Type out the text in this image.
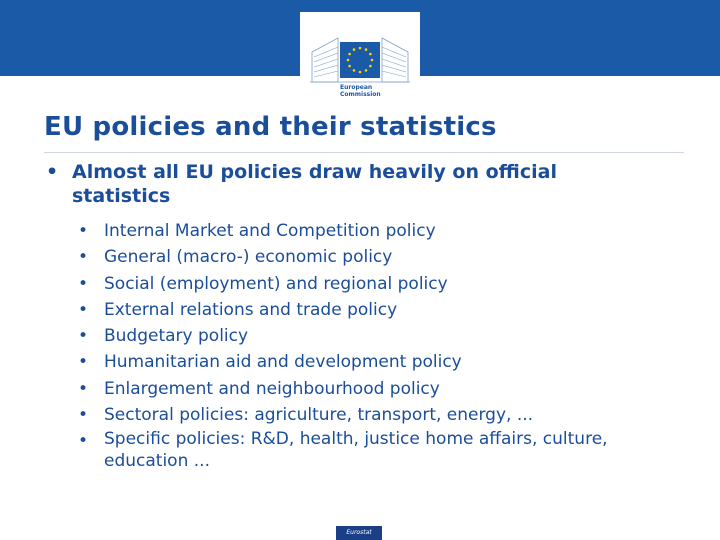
European
Commission
EU policies and their statistics
• Almost all EU policies draw heavily on official statistics
• Internal Market and Competition policy
• General (macro-) economic policy
• Social (employment) and regional policy
• External relations and trade policy
• Budgetary policy
• Humanitarian aid and development policy
• Enlargement and neighbourhood policy
• Sectoral policies: agriculture, transport, energy, ...
• Specific policies: R&D, health, justice home affairs, culture, education ...
Eurostat
